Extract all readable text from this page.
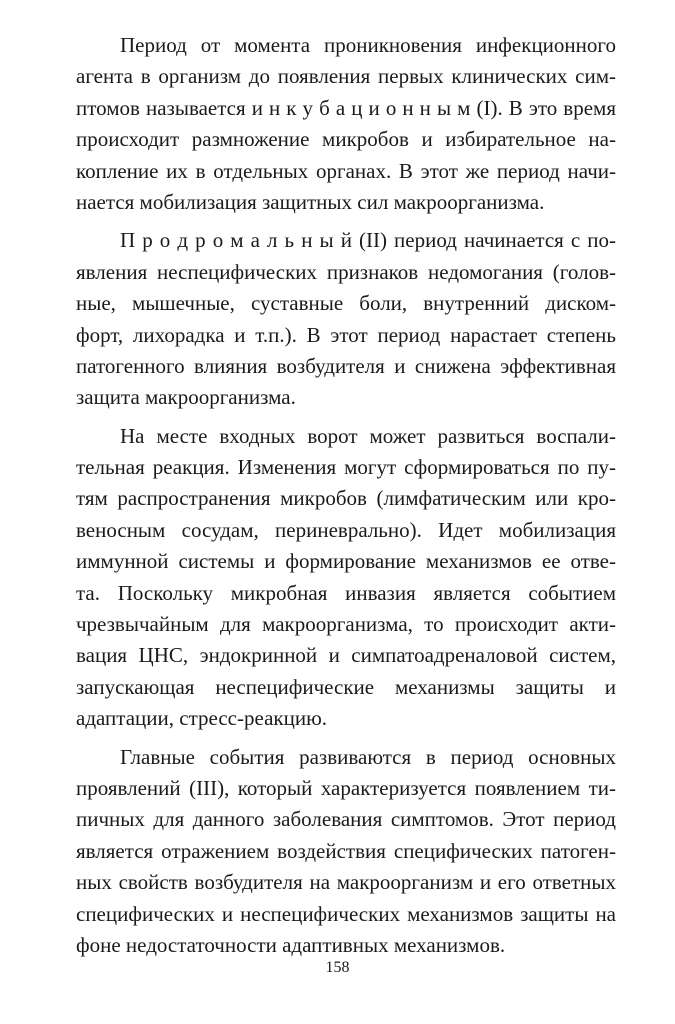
Период от момента проникновения инфекционного
агента в организм до появления первых клинических сим-
птомов называется и н к у б а ц и о н н ы м (I). В это время
происходит размножение микробов и избирательное на-
копление их в отдельных органах. В этот же период начи-
нается мобилизация защитных сил макроорганизма.
П р о д р о м а л ь н ы й (II) период начинается с по-
явления неспецифических признаков недомогания (голов-
ные, мышечные, суставные боли, внутренний диском-
форт, лихорадка и т.п.). В этот период нарастает степень
патогенного влияния возбудителя и снижена эффективная
защита макроорганизма.
На месте входных ворот может развиться воспали-
тельная реакция. Изменения могут сформироваться по пу-
тям распространения микробов (лимфатическим или кро-
веносным сосудам, периневрально). Идет мобилизация
иммунной системы и формирование механизмов ее отве-
та. Поскольку микробная инвазия является событием
чрезвычайным для макроорганизма, то происходит акти-
вация ЦНС, эндокринной и симпатоадреналовой систем,
запускающая неспецифические механизмы защиты и
адаптации, стресс-реакцию.
Главные события развиваются в период основных
проявлений (III), который характеризуется появлением ти-
пичных для данного заболевания симптомов. Этот период
является отражением воздействия специфических патоген-
ных свойств возбудителя на макроорганизм и его ответных
специфических и неспецифических механизмов защиты на
фоне недостаточности адаптивных механизмов.
158
